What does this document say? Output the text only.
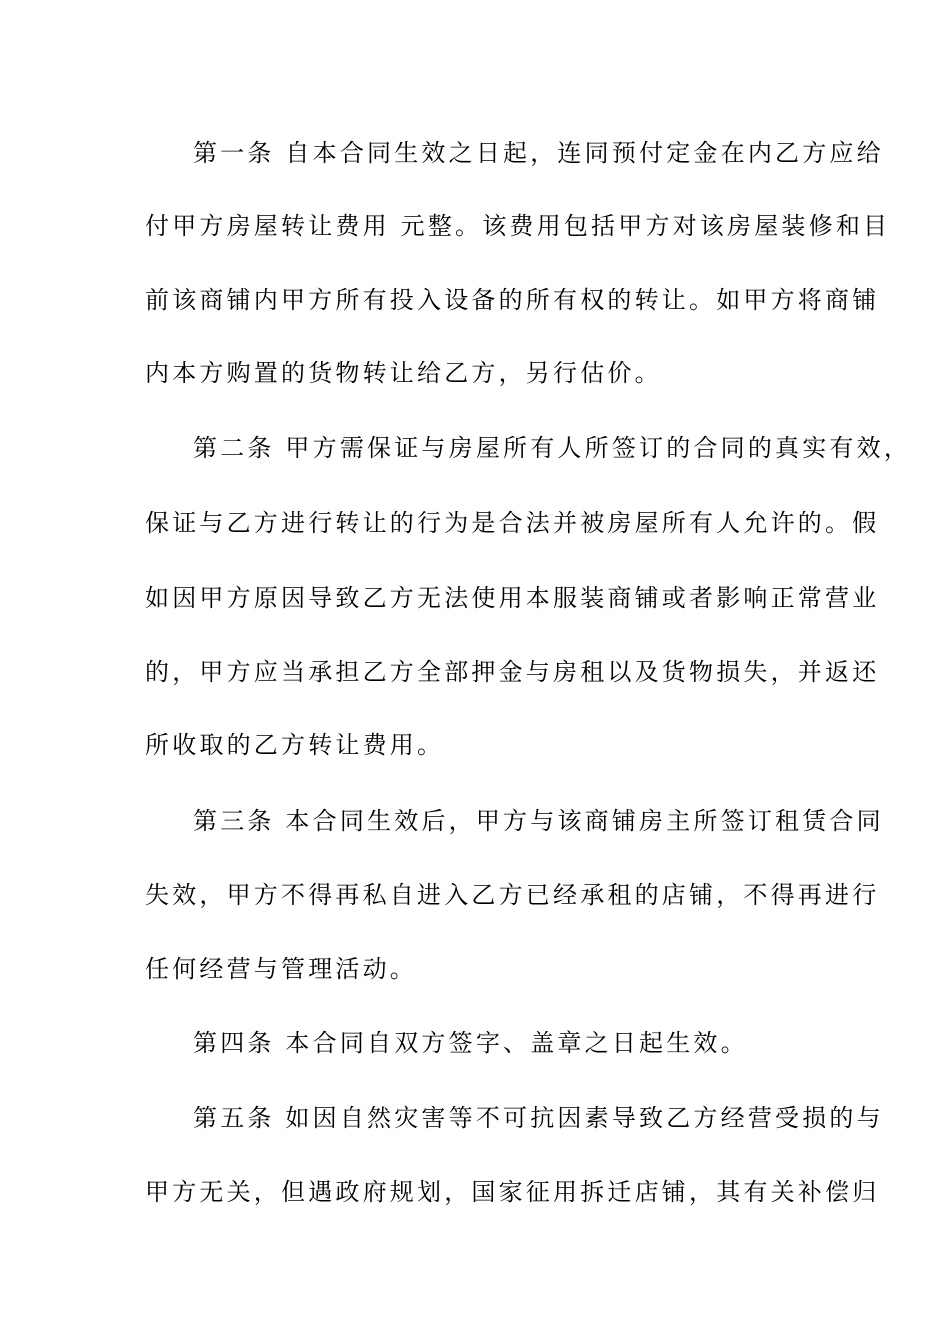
第一条 自本合同生效之日起，连同预付定金在内乙方应给
付甲方房屋转让费用 元整。该费用包括甲方对该房屋装修和目
前该商铺内甲方所有投入设备的所有权的转让。如甲方将商铺
内本方购置的货物转让给乙方，另行估价。
第二条 甲方需保证与房屋所有人所签订的合同的真实有效，
保证与乙方进行转让的行为是合法并被房屋所有人允许的。假
如因甲方原因导致乙方无法使用本服装商铺或者影响正常营业
的，甲方应当承担乙方全部押金与房租以及货物损失，并返还
所收取的乙方转让费用。
第三条 本合同生效后，甲方与该商铺房主所签订租赁合同
失效，甲方不得再私自进入乙方已经承租的店铺，不得再进行
任何经营与管理活动。
第四条 本合同自双方签字、盖章之日起生效。
第五条 如因自然灾害等不可抗因素导致乙方经营受损的与
甲方无关，但遇政府规划，国家征用拆迁店铺，其有关补偿归
